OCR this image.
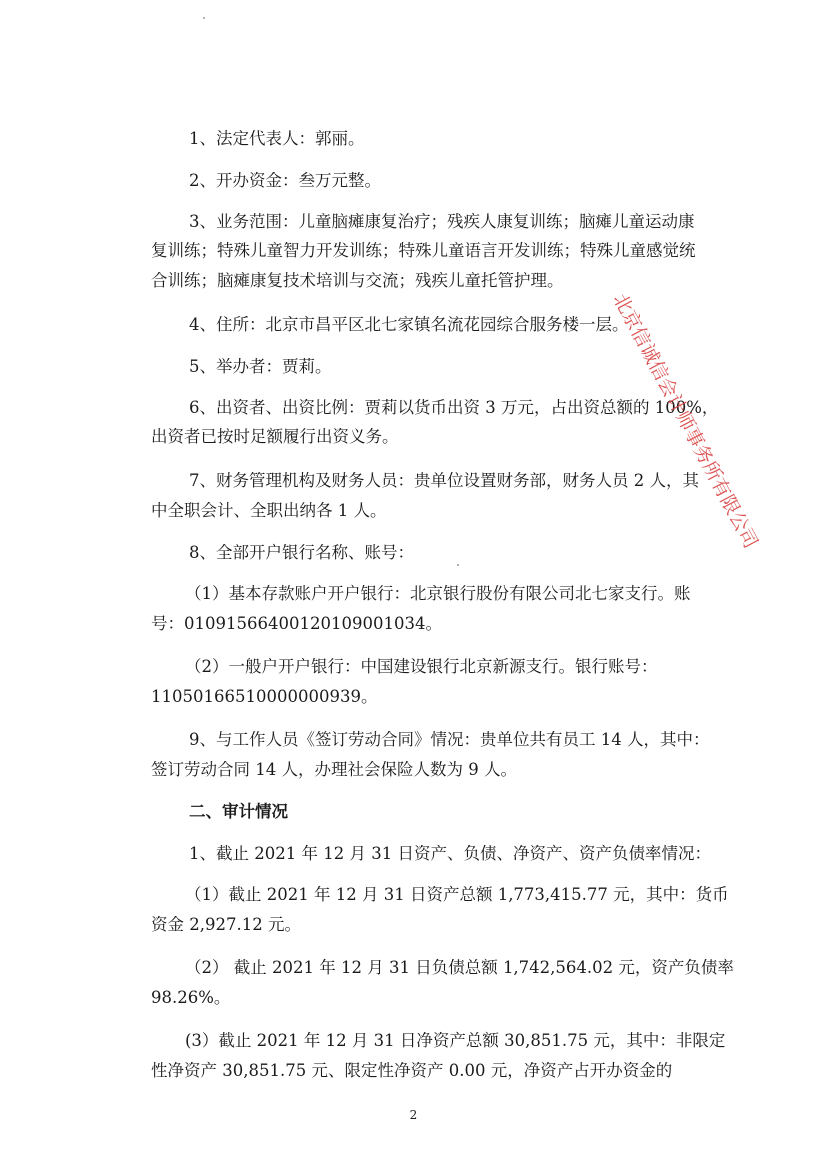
1、法定代表人：郭丽。

2、开办资金：叁万元整。

3、业务范围：儿童脑瘫康复治疗；残疾人康复训练；脑瘫儿童运动康

复训练；特殊儿童智力开发训练；特殊儿童语言开发训练；特殊儿童感觉统

合训练；脑瘫康复技术培训与交流；残疾儿童托管护理。

4、住所：北京市昌平区北七家镇名流花园综合服务楼一层。

5、举办者：贾莉。

6、出资者、出资比例：贾莉以货币出资 3 万元，占出资总额的 100%，

出资者已按时足额履行出资义务。

7、财务管理机构及财务人员：贵单位设置财务部，财务人员 2 人，其

中全职会计、全职出纳各 1 人。

8、全部开户银行名称、账号：

（1）基本存款账户开户银行：北京银行股份有限公司北七家支行。账

号：01091566400120109001034。

（2）一般户开户银行：中国建设银行北京新源支行。银行账号：

11050166510000000939。

9、与工作人员《签订劳动合同》情况：贵单位共有员工 14 人，其中：

签订劳动合同 14 人，办理社会保险人数为 9 人。

二、审计情况

1、截止 2021 年 12 月 31 日资产、负债、净资产、资产负债率情况：

（1）截止 2021 年 12 月 31 日资产总额 1,773,415.77 元，其中：货币

资金 2,927.12 元。

（2） 截止 2021 年 12 月 31 日负债总额 1,742,564.02 元，资产负债率

98.26%。

(3）截止 2021 年 12 月 31 日净资产总额 30,851.75 元，其中：非限定

性净资产 30,851.75 元、限定性净资产 0.00 元，净资产占开办资金的

北京信诚信会计师事务所有限公司
2
